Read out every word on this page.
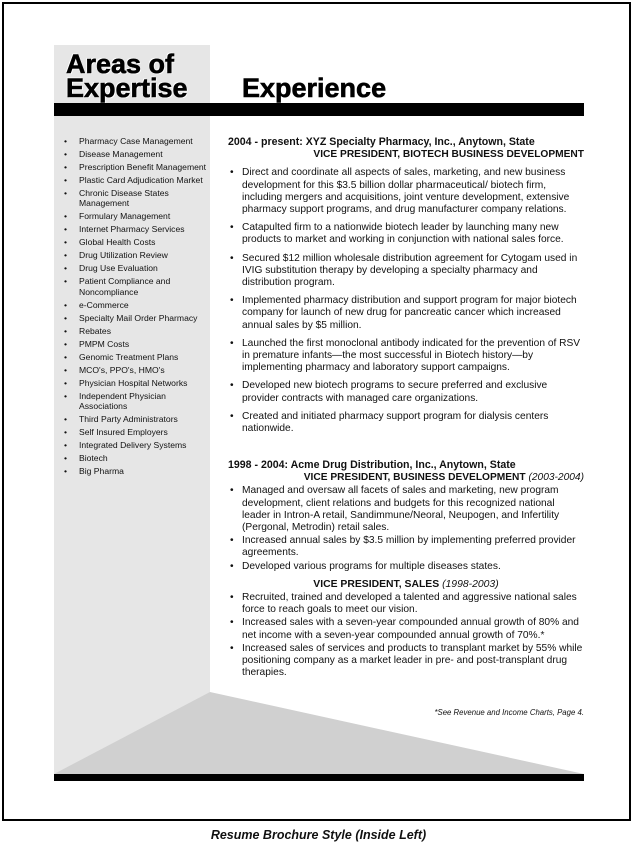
Areas of
Expertise Experience
• Pharmacy Case Management
• Disease Management
• Prescription Benefit Management
• Plastic Card Adjudication Market
• Chronic Disease States Management
• Formulary Management
• Internet Pharmacy Services
• Global Health Costs
• Drug Utilization Review
• Drug Use Evaluation
• Patient Compliance and Noncompliance
• e-Commerce
• Specialty Mail Order Pharmacy
• Rebates
• PMPM Costs
• Genomic Treatment Plans
• MCO's, PPO's, HMO's
• Physician Hospital Networks
• Independent Physician Associations
• Third Party Administrators
• Self Insured Employers
• Integrated Delivery Systems
• Biotech
• Big Pharma
2004 - present: XYZ Specialty Pharmacy, Inc., Anytown, State
VICE PRESIDENT, BIOTECH BUSINESS DEVELOPMENT
• Direct and coordinate all aspects of sales, marketing, and new business development for this $3.5 billion dollar pharmaceutical/ biotech firm, including mergers and acquisitions, joint venture development, extensive pharmacy support programs, and drug manufacturer company relations.
• Catapulted firm to a nationwide biotech leader by launching many new products to market and working in conjunction with national sales force.
• Secured $12 million wholesale distribution agreement for Cytogam used in IVIG substitution therapy by developing a specialty pharmacy and distribution program.
• Implemented pharmacy distribution and support program for major biotech company for launch of new drug for pancreatic cancer which increased annual sales by $5 million.
• Launched the first monoclonal antibody indicated for the prevention of RSV in premature infants—the most successful in Biotech history—by implementing pharmacy and laboratory support campaigns.
• Developed new biotech programs to secure preferred and exclusive provider contracts with managed care organizations.
• Created and initiated pharmacy support program for dialysis centers nationwide.
1998 - 2004: Acme Drug Distribution, Inc., Anytown, State
VICE PRESIDENT, BUSINESS DEVELOPMENT (2003-2004)
• Managed and oversaw all facets of sales and marketing, new program development, client relations and budgets for this recognized national leader in Intron-A retail, Sandimmune/Neoral, Neupogen, and Infertility (Pergonal, Metrodin) retail sales.
• Increased annual sales by $3.5 million by implementing preferred provider agreements.
• Developed various programs for multiple diseases states.
VICE PRESIDENT, SALES (1998-2003)
• Recruited, trained and developed a talented and aggressive national sales force to reach goals to meet our vision.
• Increased sales with a seven-year compounded annual growth of 80% and net income with a seven-year compounded annual growth of 70%.*
• Increased sales of services and products to transplant market by 55% while positioning company as a market leader in pre- and post-transplant drug therapies.
*See Revenue and Income Charts, Page 4.
Resume Brochure Style (Inside Left)
